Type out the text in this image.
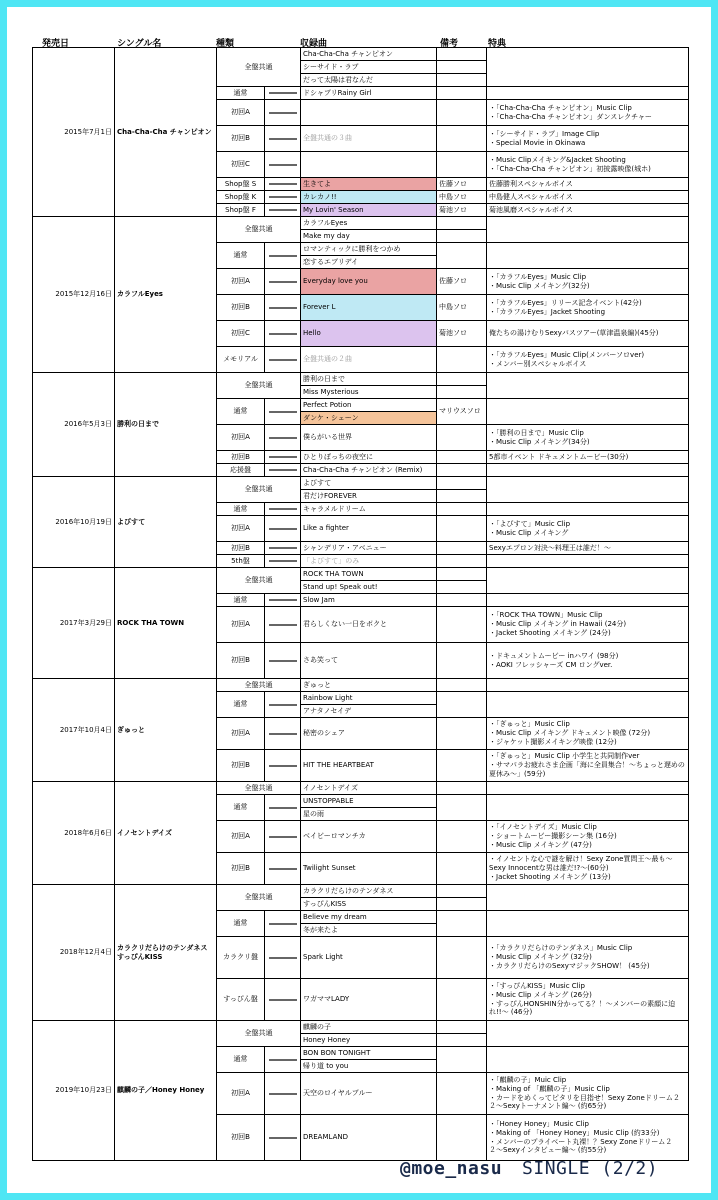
発売日	シングル名	種類	収録曲	備考	特典
2015年7月1日	Cha-Cha-Cha チャンピオン	全盤共通		Cha-Cha-Cha チャンピオン		
				シーサイド・ラブ		
				だって太陽は君なんだ		
		通常		ドシャブリRainy Girl		
		初回A				・「Cha-Cha-Cha チャンピオン」Music Clip
・「Cha-Cha-Cha チャンピオン」ダンスレクチャー
		初回B		全盤共通の３曲		・「シーサイド・ラブ」Image Clip
・Special Movie in Okinawa
		初回C				・Music Clipメイキング&Jacket Shooting
・「Cha-Cha-Cha チャンピオン」初披露映像(城ホ)
		Shop盤 S		生きてよ	佐藤ソロ	佐藤勝利スペシャルボイス
		Shop盤 K		カレカノ!!	中島ソロ	中島健人スペシャルボイス
		Shop盤 F		My Lovin' Season	菊池ソロ	菊池風磨スペシャルボイス
2015年12月16日	カラフルEyes	全盤共通		カラフルEyes		
				Make my day		
		通常		ロマンティックに勝利をつかめ		
				恋するエブリデイ		
		初回A		Everyday love you	佐藤ソロ	・「カラフルEyes」Music Clip
・Music Clip メイキング(32分)
		初回B		Forever L	中島ソロ	・「カラフルEyes」リリース記念イベント(42分)
・「カラフルEyes」Jacket Shooting
		初回C		Hello	菊池ソロ	俺たちの湯けむりSexyバスツアー(草津温泉編)(45分)
		メモリアル		全盤共通の２曲		・「カラフルEyes」Music Clip(メンバーソロver)
・メンバー別スペシャルボイス
2016年5月3日	勝利の日まで	全盤共通		勝利の日まで		
				Miss Mysterious		
		通常		Perfect Potion	マリウスソロ	
				ダンケ・シェーン		
		初回A		僕らがいる世界		・「勝利の日まで」Music Clip
・Music Clip メイキング(34分)
		初回B		ひとりぼっちの夜空に		5都市イベント ドキュメントムービー(30分)
		応援盤		Cha-Cha-Cha チャンピオン (Remix)		
2016年10月19日	よびすて	全盤共通		よびすて		
				君だけFOREVER		
		通常		キャラメルドリーム		
		初回A		Like a fighter		・「よびすて」Music Clip
・Music Clip メイキング
		初回B		シャンデリア・アベニュー		Sexyエプロン対決〜料理王は誰だ！〜
		5th盤		「よびすて」のみ		
2017年3月29日	ROCK THA TOWN	全盤共通		ROCK THA TOWN		
				Stand up! Speak out!		
		通常		Slow Jam		
		初回A		君らしくない一日をボクと		・「ROCK THA TOWN」Music Clip
・Music Clip メイキング in Hawaii (24分)
・Jacket Shooting メイキング (24分)
		初回B		さあ笑って		・ドキュメントムービー inハワイ (98分)
・AOKI フレッシャーズ CM ロングver.
2017年10月4日	ぎゅっと	全盤共通		ぎゅっと		
		通常		Rainbow Light		
				アナタノセイデ		
		初回A		秘密のシェア		・「ぎゅっと」Music Clip
・Music Clip メイキング ドキュメント映像 (72分)
・ジャケット撮影メイキング映像 (12分)
		初回B		HIT THE HEARTBEAT		・「ぎゅっと」Music Clip 小学生と共同制作ver
・サマパラお疲れさま企画「海に全員集合！〜ちょっと遅めの夏休み〜」(59分)
2018年6月6日	イノセントデイズ	全盤共通		イノセントデイズ		
		通常		UNSTOPPABLE		
				星の雨		
		初回A		ベイビーロマンチカ		・「イノセントデイズ」Music Clip
・ショートムービー撮影シーン集 (16分)
・Music Clip メイキング (47分)
		初回B		Twilight Sunset		・イノセントな心で謎を解け！Sexy Zone質問王〜最も〜Sexy Innocentな男は誰だ!?〜(60分)
・Jacket Shooting メイキング (13分)
2018年12月4日	カラクリだらけのテンダネス
すっぴんKISS	全盤共通		カラクリだらけのテンダネス		
				すっぴんKISS		
		通常		Believe my dream		
				冬が来たよ		
		カラクリ盤		Spark Light		・「カラクリだらけのテンダネス」Music Clip
・Music Clip メイキング (32分)
・カラクリだらけのSexyマジックSHOW！ (45分)
		すっぴん盤		ワガママLADY		・「すっぴんKISS」Music Clip
・Music Clip メイキング (26分)
・すっぴんHONSHIN分かってる？！〜メンバーの素顔に迫れ!!〜 (46分)
2019年10月23日	麒麟の子／Honey Honey	全盤共通		麒麟の子		
				Honey Honey		
		通常		BON BON TONIGHT		
				帰り道 to you		
		初回A		天空のロイヤルブルー		・「麒麟の子」Muic Clip
・Making of 「麒麟の子」Music Clip
・カードをめくってピタリを目指せ！Sexy Zoneドリーム２２〜Sexyトーナメント編〜 (約65分)
		初回B		DREAMLAND		・「Honey Honey」Music Clip
・Making of 「Honey Honey」Music Clip (約33分)
・メンバーのプライベート丸裸！？Sexy Zoneドリーム２２〜Sexyインタビュー編〜 (約55分)
@moe_nasu SINGLE (2/2)
